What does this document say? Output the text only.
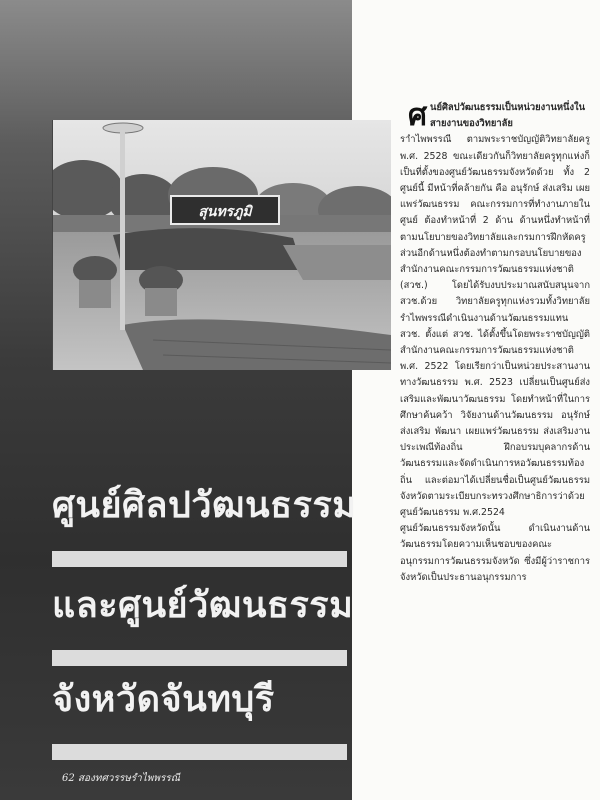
สุนทรภูมิ
ศนย์ศิลปวัฒนธรรมเป็นหน่วยงานหนึ่งในสายงานของวิทยาลัย
ราำไพพรรณี ตามพระราชบัญญัติวิทยาลัยครู พ.ศ. 2528 ขณะเดียวกันก็วิทยาลัยครูทุกแห่งก็เป็นที่ตั้งของศูนย์วัฒนธรรมจังหวัดด้วย ทั้ง 2 ศูนย์นี้ มีหน้าที่คล้ายกัน คือ อนุรักษ์ ส่งเสริม เผยแพร่วัฒนธรรม คณะกรรมการที่ทำงานภายในศูนย์ ต้องทำหน้าที่ 2 ด้าน ด้านหนึ่งทำหน้าที่ตามนโยบายของวิทยาลัยและกรมการฝึกหัดครู ส่วนอีกด้านหนึ่งต้องทำตามกรอบนโยบายของสำนักงานคณะกรรมการวัฒนธรรมแห่งชาติ (สวช.) โดยได้รับงบประมาณสนับสนุนจาก สวช.ด้วย วิทยาลัยครูทุกแห่งรวมทั้งวิทยาลัยรำไพพรรณีดำเนินงานด้านวัฒนธรรมแทน สวช. ตั้งแต่ สวช. ได้ตั้งขึ้นโดยพระราชบัญญัติสำนักงานคณะกรรมการวัฒนธรรมแห่งชาติ พ.ศ. 2522 โดยเรียกว่าเป็นหน่วยประสานงานทางวัฒนธรรม พ.ศ. 2523 เปลี่ยนเป็นศูนย์ส่งเสริมและพัฒนาวัฒนธรรม โดยทำหน้าที่ในการศึกษาค้นคว้า วิจัยงานด้านวัฒนธรรม อนุรักษ์ ส่งเสริม พัฒนา เผยแพร่วัฒนธรรม ส่งเสริมงานประเพณีท้องถิ่น ฝึกอบรมบุคลากรด้านวัฒนธรรมและจัดดำเนินการหอวัฒนธรรมท้องถิ่น และต่อมาได้เปลี่ยนชื่อเป็นศูนย์วัฒนธรรมจังหวัดตามระเบียบกระทรวงศึกษาธิการว่าด้วยศูนย์วัฒนธรรม พ.ศ.2524
ศูนย์วัฒนธรรมจังหวัดนั้น ดำเนินงานด้านวัฒนธรรมโดยความเห็นชอบของคณะอนุกรรมการวัฒนธรรมจังหวัด ซึ่งมีผู้ว่าราชการจังหวัดเป็นประธานอนุกรรมการ
ศูนย์ศิลปวัฒนธรรม
และศูนย์วัฒนธรรม
จังหวัดจันทบุรี
62 สองทศวรรษรำไพพรรณี
